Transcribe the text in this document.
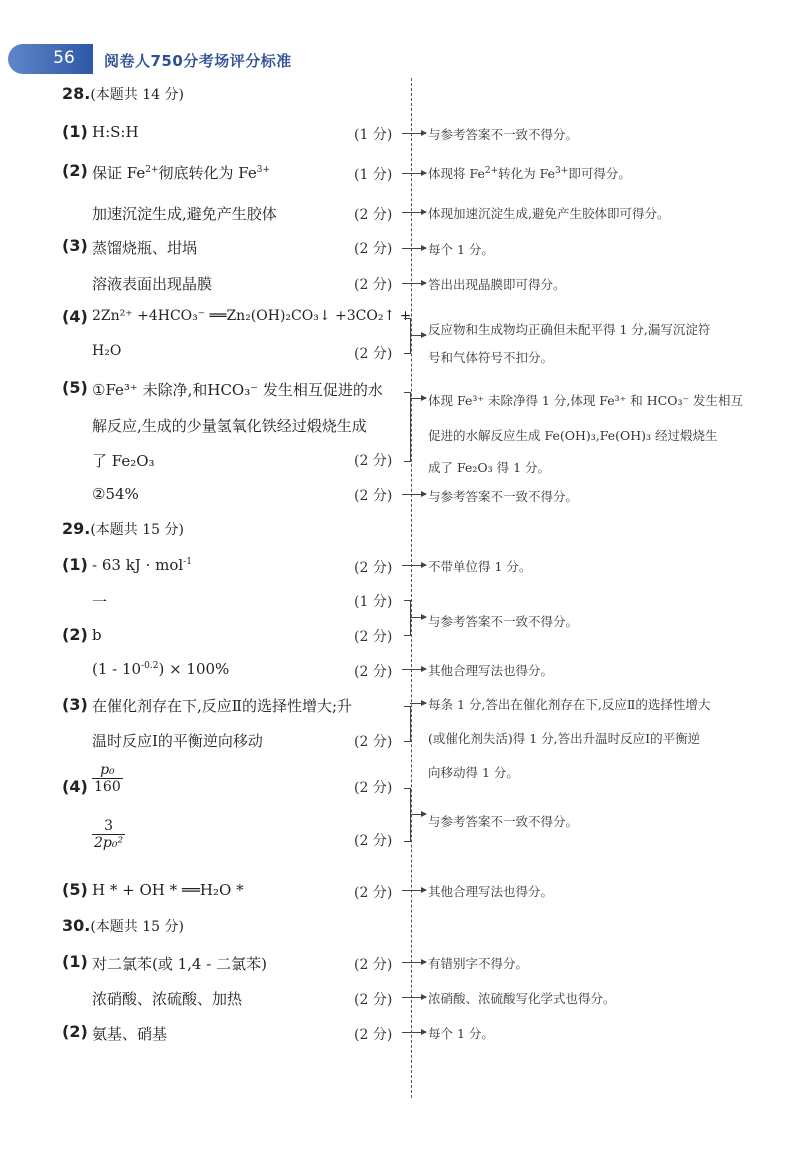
56	阅卷人750分考场评分标准
28.(本题共 14 分)
(1) H:S:H	(1 分)	与参考答案不一致不得分。
(2) 保证 $Fe^{2+}$彻底转化为 $Fe^{3+}$	(1 分)	体现将 $Fe^{2+}$转化为 $Fe^{3+}$即可得分。
加速沉淀生成,避免产生胶体	(2 分)	体现加速沉淀生成,避免产生胶体即可得分。
(3) 蒸馏烧瓶、坩埚	(2 分)	每个 1 分。
溶液表面出现晶膜	(2 分)	答出出现晶膜即可得分。
(4) 2Zn²⁺ +4HCO₃⁻ ══Zn₂(OH)₂CO₃↓ +3CO₂↑ +
H₂O	(2 分)
反应物和生成物均正确但未配平得 1 分,漏写沉淀符
号和气体符号不扣分。
(5) ①Fe³⁺ 未除净,和HCO₃⁻ 发生相互促进的水
解反应,生成的少量氢氧化铁经过煅烧生成
了 Fe₂O₃	(2 分)
体现 Fe³⁺ 未除净得 1 分,体现 Fe³⁺ 和 HCO₃⁻ 发生相互
促进的水解反应生成 Fe(OH)₃,Fe(OH)₃ 经过煅烧生
成了 Fe₂O₃ 得 1 分。
②54%	(2 分)	与参考答案不一致不得分。
29.(本题共 15 分)
(1) - 63 kJ · mol$^{-1}$	(2 分)	不带单位得 1 分。
一	(1 分)
(2) b	(2 分)
与参考答案不一致不得分。
$(1 - 10^{-0.2}) \times 100\%$	(2 分)	其他合理写法也得分。
(3) 在催化剂存在下,反应Ⅱ的选择性增大;升
温时反应Ⅰ的平衡逆向移动	(2 分)
每条 1 分,答出在催化剂存在下,反应Ⅱ的选择性增大
(或催化剂失活)得 1 分,答出升温时反应Ⅰ的平衡逆
向移动得 1 分。
$(4) \frac{\text{p₀}}{160}$	(2 分)
$\frac{3}{\text{2p₀²}}$	(2 分)
与参考答案不一致不得分。
(5) H * + OH * ══H₂O *	(2 分)	其他合理写法也得分。
30.(本题共 15 分)
(1) 对二氯苯(或 1,4 - 二氯苯)	(2 分)	有错别字不得分。
浓硝酸、浓硫酸、加热	(2 分)	浓硝酸、浓硫酸写化学式也得分。
(2) 氨基、硝基	(2 分)	每个 1 分。
